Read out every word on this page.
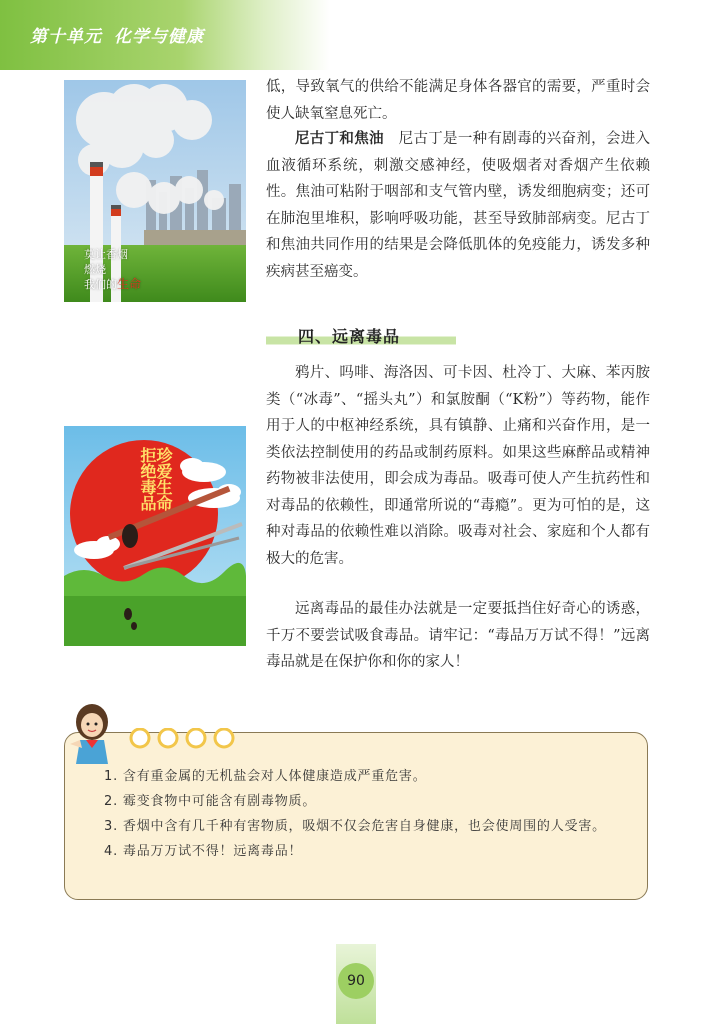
第十单元 化学与健康
莫让香烟
燃烧
我们的生命

低，导致氧气的供给不能满足身体各器官的需要，严重时会使人缺氧窒息死亡。

尼古丁和焦油　 尼古丁是一种有剧毒的兴奋剂，会进入血液循环系统，刺激交感神经，使吸烟者对香烟产生依赖性。焦油可粘附于咽部和支气管内壁，诱发细胞病变；还可在肺泡里堆积，影响呼吸功能，甚至导致肺部病变。尼古丁和焦油共同作用的结果是会降低肌体的免疫能力，诱发多种疾病甚至癌变。

四、远离毒品
珍爱生命
拒绝毒品

鸦片、吗啡、海洛因、可卡因、杜冷丁、大麻、苯丙胺类（“冰毒”、“摇头丸”）和氯胺酮（“K粉”）等药物，能作用于人的中枢神经系统，具有镇静、止痛和兴奋作用，是一类依法控制使用的药品或制药原料。如果这些麻醉品或精神药物被非法使用，即会成为毒品。吸毒可使人产生抗药性和对毒品的依赖性，即通常所说的“毒瘾”。更为可怕的是，这种对毒品的依赖性难以消除。吸毒对社会、家庭和个人都有极大的危害。

远离毒品的最佳办法就是一定要抵挡住好奇心的诱惑，千万不要尝试吸食毒品。请牢记：“毒品万万试不得！”远离毒品就是在保护你和你的家人！

1. 含有重金属的无机盐会对人体健康造成严重危害。
2. 霉变食物中可能含有剧毒物质。
3. 香烟中含有几千种有害物质，吸烟不仅会危害自身健康，也会使周围的人受害。
4. 毒品万万试不得！远离毒品！
90
